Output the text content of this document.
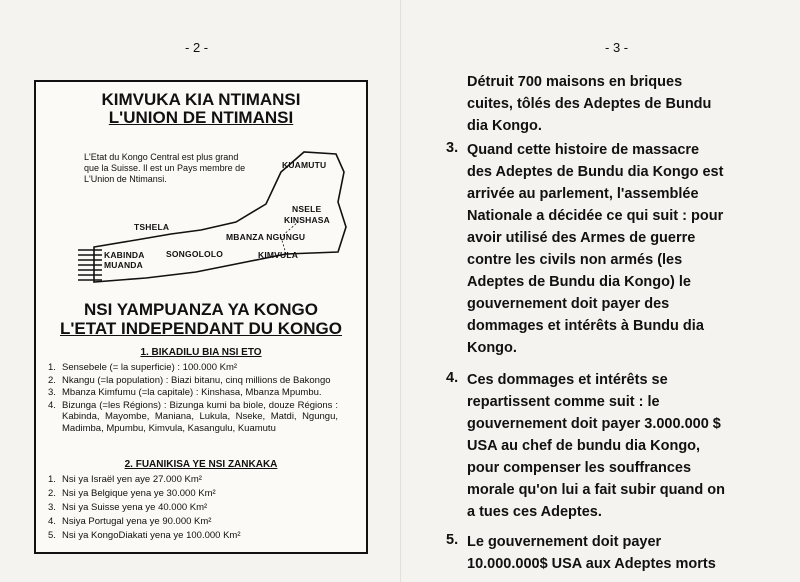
- 2 -	- 3 -
KIMVUKA KIA NTIMANSI
L'UNION DE NTIMANSI
L'Etat du Kongo Central est plus grand que la Suisse. Il est un Pays membre de L'Union de Ntimansi.
KUAMUTU
NSELE
KINSHASA
TSHELA
MBANZA NGUNGU
KABINDA
MUANDA
SONGOLOLO	KIMVULA
NSI YAMPUANZA YA KONGO
L'ETAT INDEPENDANT DU KONGO
1. BIKADILU BIA NSI ETO
1. Sensebele (= la superficie) : 100.000 Km²
2. Nkangu (=la population) : Biazi bitanu, cinq millions de Bakongo
3. Mbanza Kimfumu (=la capitale) : Kinshasa, Mbanza Mpumbu.
4. Bizunga (=les Régions) : Bizunga kumi ba biole, douze Régions : Kabinda, Mayombe, Maniana, Lukula, Nseke, Matdi, Ngungu, Madimba, Mpumbu, Kimvula, Kasangulu, Kuamutu
2. FUANIKISA YE NSI ZANKAKA
1. Nsi ya Israël yen aye 27.000 Km²
2. Nsi ya Belgique yena ye 30.000 Km²
3. Nsi ya Suisse yena ye 40.000 Km²
4. Nsiya Portugal yena ye 90.000 Km²
5. Nsi ya KongoDiakati yena ye 100.000 Km²
Détruit 700 maisons en briques
cuites, tôlés des Adeptes de Bundu
dia Kongo.
3. Quand cette histoire de massacre
des Adeptes de Bundu dia Kongo est
arrivée au parlement, l'assemblée
Nationale a décidée ce qui suit : pour
avoir utilisé des Armes de guerre
contre les civils non armés (les
Adeptes de Bundu dia Kongo) le
gouvernement doit payer des
dommages et intérêts à Bundu dia
Kongo.
4. Ces dommages et intérêts se
repartissent comme suit : le
gouvernement doit payer 3.000.000 $
USA au chef de bundu dia Kongo,
pour compenser les souffrances
morale qu'on lui a fait subir quand on
a tues ces Adeptes.
5. Le gouvernement doit payer
10.000.000$ USA aux Adeptes morts
